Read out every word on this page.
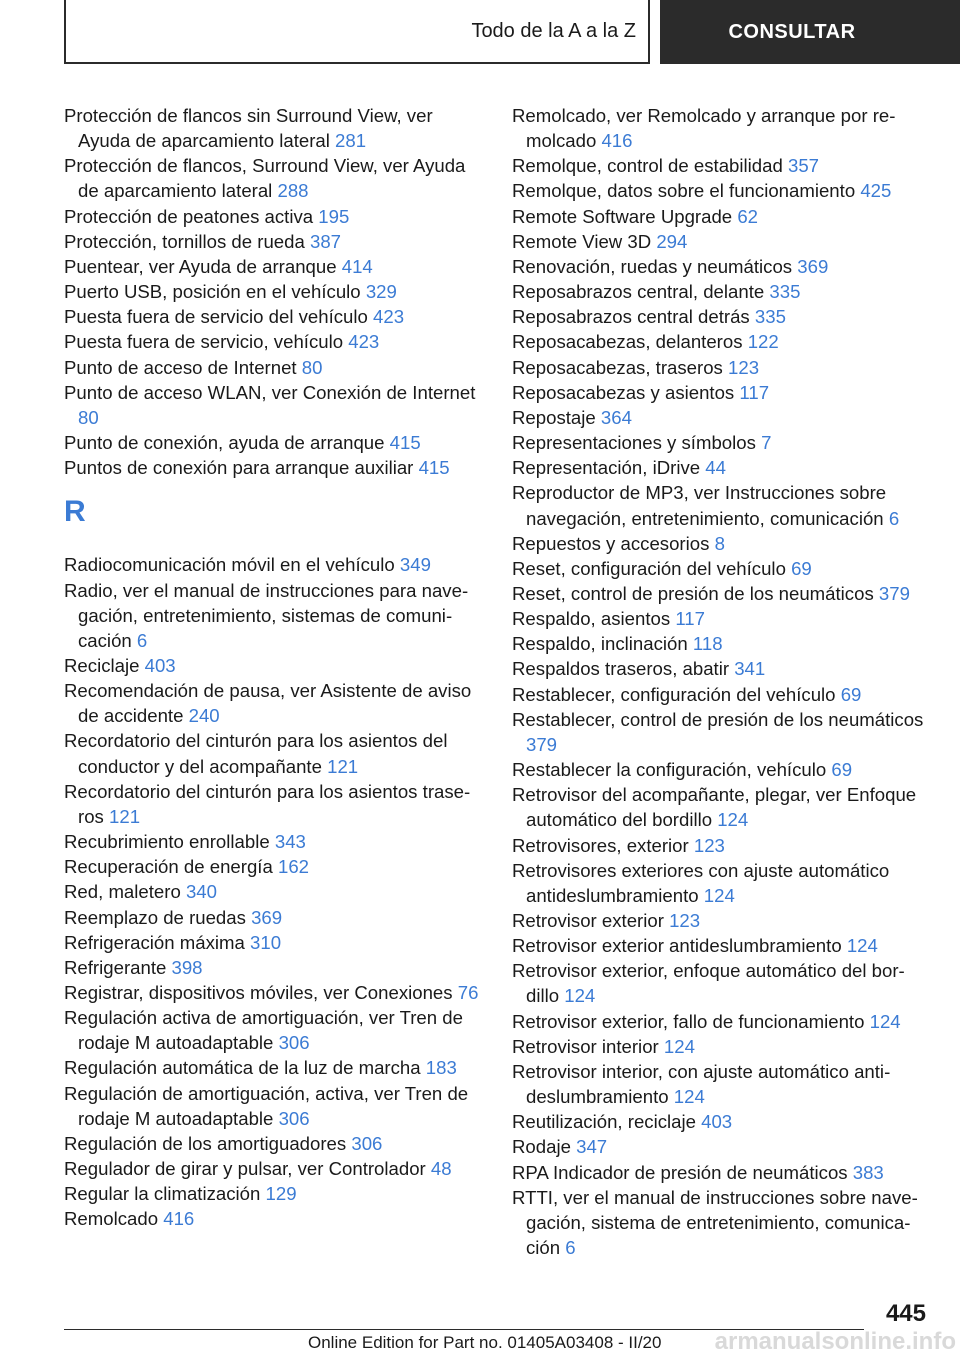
Todo de la A a la Z	CONSULTAR
Protección de flancos sin Surround View, ver Ayuda de aparcamiento lateral 281
Protección de flancos, Surround View, ver Ayuda de aparcamiento lateral 288
Protección de peatones activa 195
Protección, tornillos de rueda 387
Puentear, ver Ayuda de arranque 414
Puerto USB, posición en el vehículo 329
Puesta fuera de servicio del vehículo 423
Puesta fuera de servicio, vehículo 423
Punto de acceso de Internet 80
Punto de acceso WLAN, ver Conexión de Internet 80
Punto de conexión, ayuda de arranque 415
Puntos de conexión para arranque auxiliar 415
R
Radiocomunicación móvil en el vehículo 349
Radio, ver el manual de instrucciones para navegación, entretenimiento, sistemas de comunicación 6
Reciclaje 403
Recomendación de pausa, ver Asistente de aviso de accidente 240
Recordatorio del cinturón para los asientos del conductor y del acompañante 121
Recordatorio del cinturón para los asientos traseros 121
Recubrimiento enrollable 343
Recuperación de energía 162
Red, maletero 340
Reemplazo de ruedas 369
Refrigeración máxima 310
Refrigerante 398
Registrar, dispositivos móviles, ver Conexiones 76
Regulación activa de amortiguación, ver Tren de rodaje M autoadaptable 306
Regulación automática de la luz de marcha 183
Regulación de amortiguación, activa, ver Tren de rodaje M autoadaptable 306
Regulación de los amortiguadores 306
Regulador de girar y pulsar, ver Controlador 48
Regular la climatización 129
Remolcado 416
Remolcado, ver Remolcado y arranque por remolcado 416
Remolque, control de estabilidad 357
Remolque, datos sobre el funcionamiento 425
Remote Software Upgrade 62
Remote View 3D 294
Renovación, ruedas y neumáticos 369
Reposabrazos central, delante 335
Reposabrazos central detrás 335
Reposacabezas, delanteros 122
Reposacabezas, traseros 123
Reposacabezas y asientos 117
Repostaje 364
Representaciones y símbolos 7
Representación, iDrive 44
Reproductor de MP3, ver Instrucciones sobre navegación, entretenimiento, comunicación 6
Repuestos y accesorios 8
Reset, configuración del vehículo 69
Reset, control de presión de los neumáticos 379
Respaldo, asientos 117
Respaldo, inclinación 118
Respaldos traseros, abatir 341
Restablecer, configuración del vehículo 69
Restablecer, control de presión de los neumáticos 379
Restablecer la configuración, vehículo 69
Retrovisor del acompañante, plegar, ver Enfoque automático del bordillo 124
Retrovisores, exterior 123
Retrovisores exteriores con ajuste automático antideslumbramiento 124
Retrovisor exterior 123
Retrovisor exterior antideslumbramiento 124
Retrovisor exterior, enfoque automático del bordillo 124
Retrovisor exterior, fallo de funcionamiento 124
Retrovisor interior 124
Retrovisor interior, con ajuste automático antideslumbramiento 124
Reutilización, reciclaje 403
Rodaje 347
RPA Indicador de presión de neumáticos 383
RTTI, ver el manual de instrucciones sobre navegación, sistema de entretenimiento, comunicación 6
445
Online Edition for Part no. 01405A03408 - II/20 armanualsonline.info
